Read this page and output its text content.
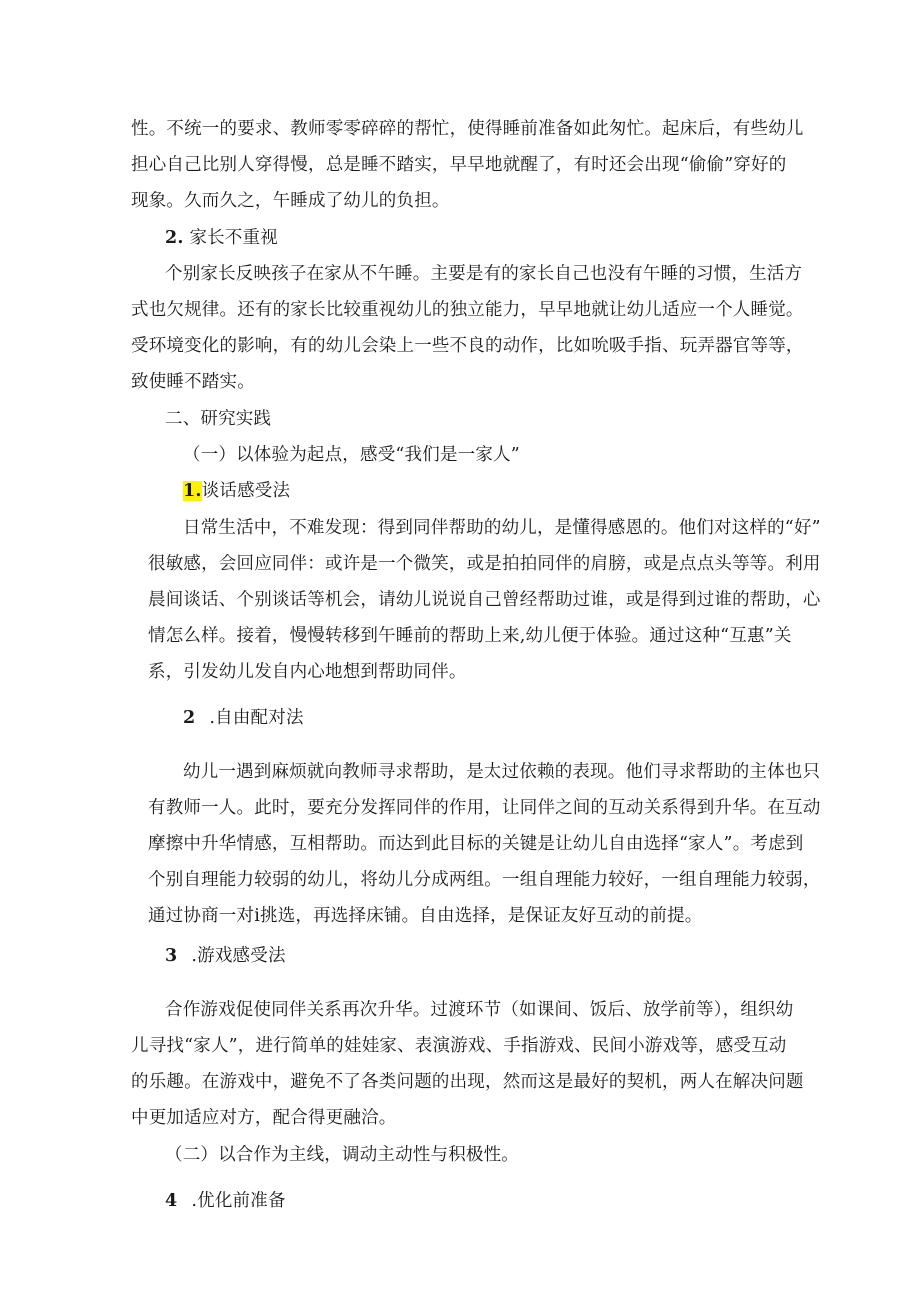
性。不统一的要求、教师零零碎碎的帮忙，使得睡前准备如此匆忙。起床后，有些幼儿
担心自己比别人穿得慢，总是睡不踏实，早早地就醒了，有时还会出现“偷偷”穿好的
现象。久而久之，午睡成了幼儿的负担。
2. 家长不重视
个别家长反映孩子在家从不午睡。主要是有的家长自己也没有午睡的习惯，生活方
式也欠规律。还有的家长比较重视幼儿的独立能力，早早地就让幼儿适应一个人睡觉。
受环境变化的影响，有的幼儿会染上一些不良的动作，比如吮吸手指、玩弄器官等等，
致使睡不踏实。
二、研究实践
（一）以体验为起点，感受“我们是一家人”
1.谈话感受法
日常生活中，不难发现：得到同伴帮助的幼儿，是懂得感恩的。他们对这样的“好”
很敏感，会回应同伴：或许是一个微笑，或是拍拍同伴的肩膀，或是点点头等等。利用
晨间谈话、个别谈话等机会，请幼儿说说自己曾经帮助过谁，或是得到过谁的帮助，心
情怎么样。接着，慢慢转移到午睡前的帮助上来,幼儿便于体验。通过这种“互惠”关
系，引发幼儿发自内心地想到帮助同伴。
2 .自由配对法
幼儿一遇到麻烦就向教师寻求帮助，是太过依赖的表现。他们寻求帮助的主体也只
有教师一人。此时，要充分发挥同伴的作用，让同伴之间的互动关系得到升华。在互动
摩擦中升华情感，互相帮助。而达到此目标的关键是让幼儿自由选择“家人”。考虑到
个别自理能力较弱的幼儿，将幼儿分成两组。一组自理能力较好，一组自理能力较弱，
通过协商一对i挑选，再选择床铺。自由选择，是保证友好互动的前提。
3 .游戏感受法
合作游戏促使同伴关系再次升华。过渡环节（如课间、饭后、放学前等），组织幼
儿寻找“家人”，进行简单的娃娃家、表演游戏、手指游戏、民间小游戏等，感受互动
的乐趣。在游戏中，避免不了各类问题的出现，然而这是最好的契机，两人在解决问题
中更加适应对方，配合得更融洽。
（二）以合作为主线，调动主动性与积极性。
4 .优化前准备
